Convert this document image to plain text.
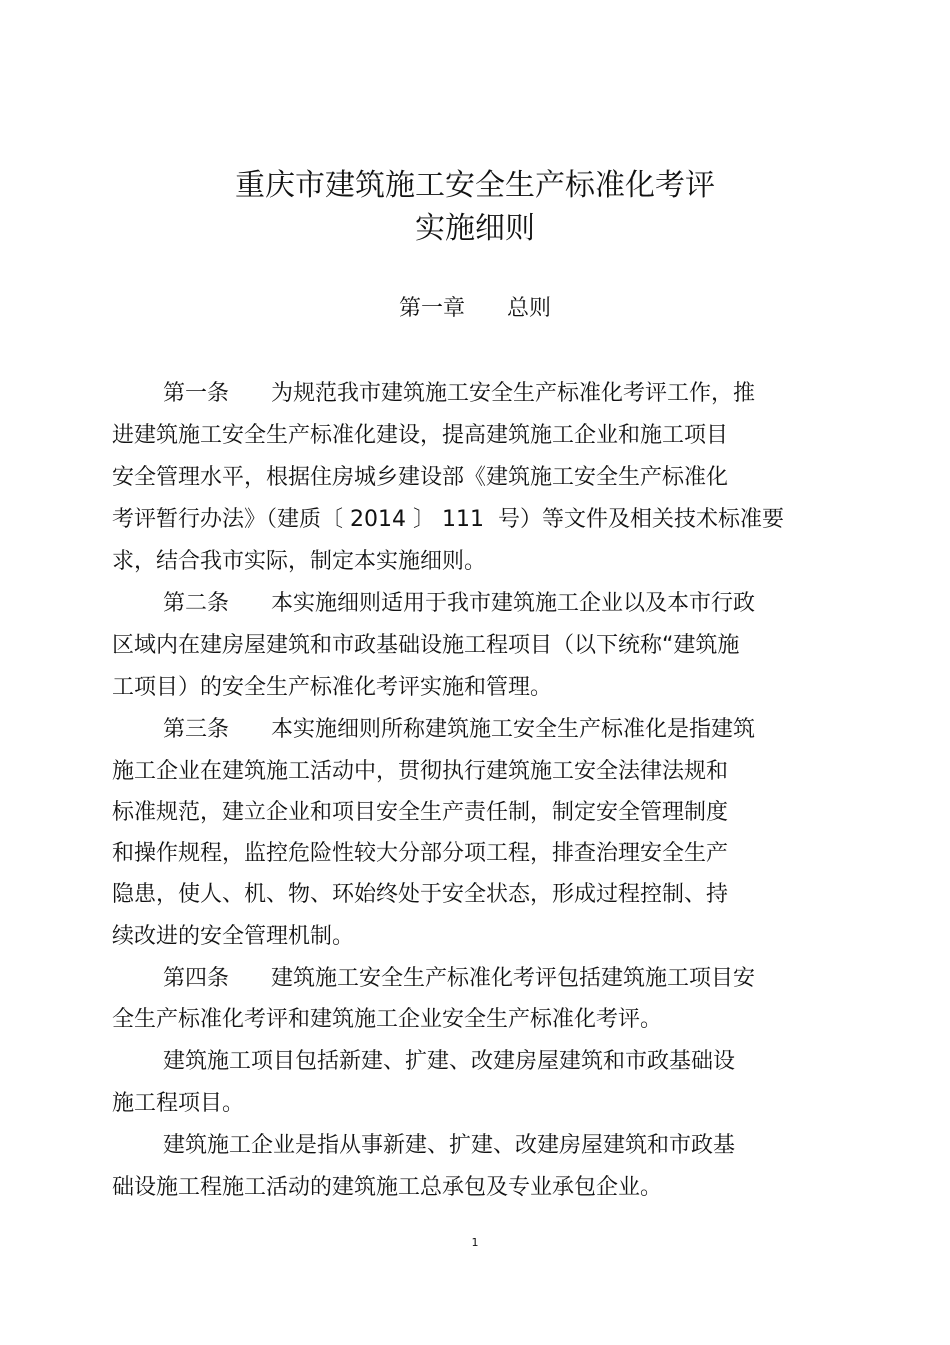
重庆市建筑施工安全生产标准化考评
实施细则
第一章      总则
第一条      为规范我市建筑施工安全生产标准化考评工作，推
进建筑施工安全生产标准化建设，提高建筑施工企业和施工项目
安全管理水平，根据住房城乡建设部《建筑施工安全生产标准化
考评暂行办法》（建质〔 2014 〕 111  号）等文件及相关技术标准要
求，结合我市实际，制定本实施细则。
第二条      本实施细则适用于我市建筑施工企业以及本市行政
区域内在建房屋建筑和市政基础设施工程项目（以下统称“建筑施
工项目）的安全生产标准化考评实施和管理。
第三条      本实施细则所称建筑施工安全生产标准化是指建筑
施工企业在建筑施工活动中，贯彻执行建筑施工安全法律法规和
标准规范，建立企业和项目安全生产责任制，制定安全管理制度
和操作规程，监控危险性较大分部分项工程，排查治理安全生产
隐患，使人、机、物、环始终处于安全状态，形成过程控制、持
续改进的安全管理机制。
第四条      建筑施工安全生产标准化考评包括建筑施工项目安
全生产标准化考评和建筑施工企业安全生产标准化考评。
建筑施工项目包括新建、扩建、改建房屋建筑和市政基础设
施工程项目。
建筑施工企业是指从事新建、扩建、改建房屋建筑和市政基
础设施工程施工活动的建筑施工总承包及专业承包企业。
1
